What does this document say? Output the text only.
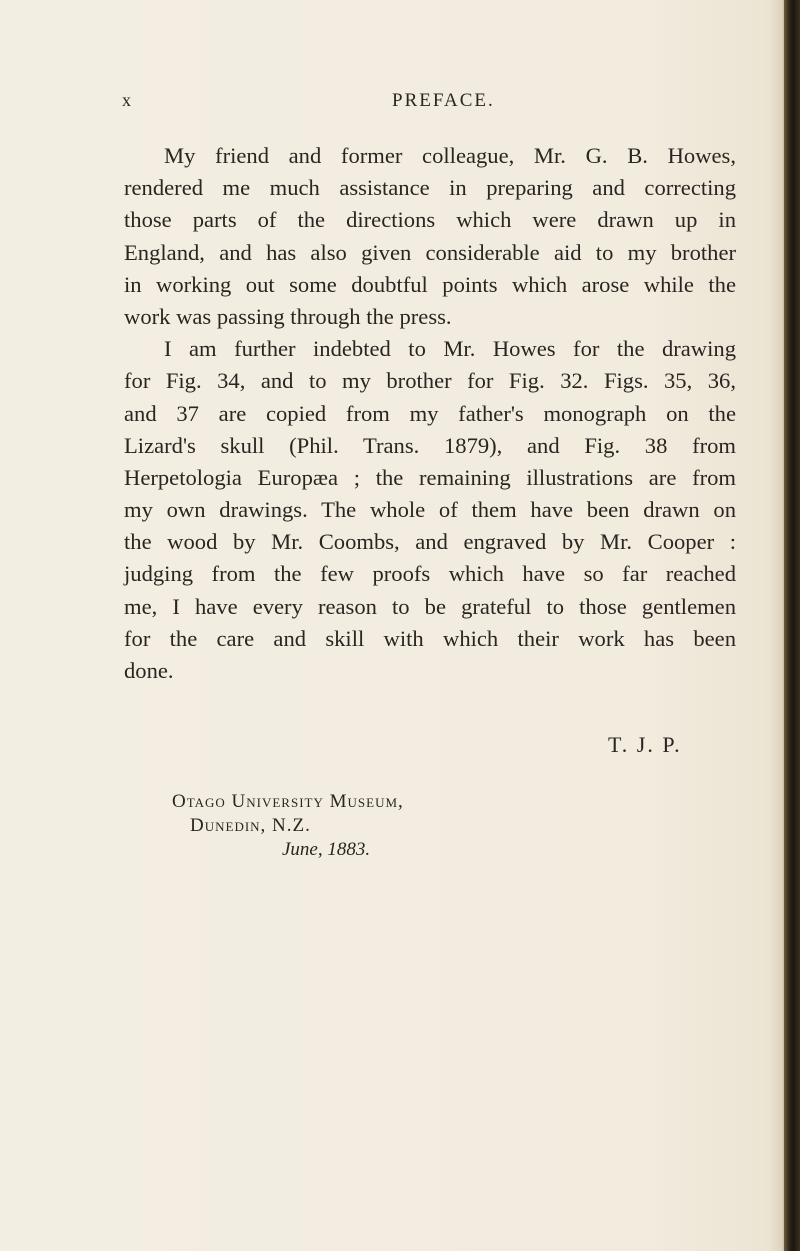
x	PREFACE.
My friend and former colleague, Mr. G. B. Howes,
rendered me much assistance in preparing and correcting
those parts of the directions which were drawn up in
England, and has also given considerable aid to my brother
in working out some doubtful points which arose while the
work was passing through the press.
I am further indebted to Mr. Howes for the drawing
for Fig. 34, and to my brother for Fig. 32. Figs. 35, 36,
and 37 are copied from my father's monograph on the
Lizard's skull (Phil. Trans. 1879), and Fig. 38 from
Herpetologia Europæa ; the remaining illustrations are from
my own drawings. The whole of them have been drawn on
the wood by Mr. Coombs, and engraved by Mr. Cooper :
judging from the few proofs which have so far reached
me, I have every reason to be grateful to those gentlemen
for the care and skill with which their work has been
done.
T. J. P.
Otago University Museum,
Dunedin, N.Z.
June, 1883.
